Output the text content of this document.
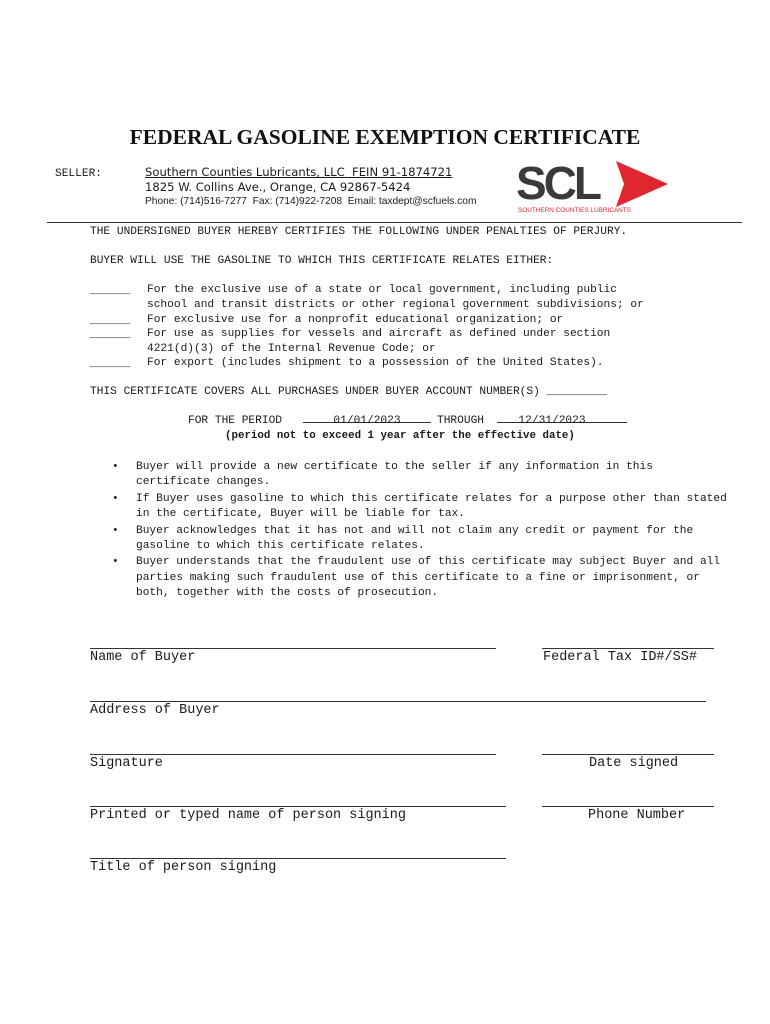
FEDERAL GASOLINE EXEMPTION CERTIFICATE
SELLER:	Southern Counties Lubricants, LLC  FEIN 91-1874721
1825 W. Collins Ave., Orange, CA 92867-5424
Phone: (714)516-7277  Fax: (714)922-7208  Email: taxdept@scfuels.com SCL
SOUTHERN COUNTIES LUBRICANTS
THE UNDERSIGNED BUYER HEREBY CERTIFIES THE FOLLOWING UNDER PENALTIES OF PERJURY.
BUYER WILL USE THE GASOLINE TO WHICH THIS CERTIFICATE RELATES EITHER:
______ For the exclusive use of a state or local government, including public
school and transit districts or other regional government subdivisions; or
______ For exclusive use for a nonprofit educational organization; or
______ For use as supplies for vessels and aircraft as defined under section
4221(d)(3) of the Internal Revenue Code; or
______ For export (includes shipment to a possession of the United States).
THIS CERTIFICATE COVERS ALL PURCHASES UNDER BUYER ACCOUNT NUMBER(S) _________
FOR THE PERIOD	01/01/2023	THROUGH	12/31/2023
(period not to exceed 1 year after the effective date)
• Buyer will provide a new certificate to the seller if any information in this certificate changes.
• If Buyer uses gasoline to which this certificate relates for a purpose other than stated in the certificate, Buyer will be liable for tax.
• Buyer acknowledges that it has not and will not claim any credit or payment for the gasoline to which this certificate relates.
• Buyer understands that the fraudulent use of this certificate may subject Buyer and all parties making such fraudulent use of this certificate to a fine or imprisonment, or both, together with the costs of prosecution.
Name of Buyer	Federal Tax ID#/SS#
Address of Buyer
Signature	Date signed
Printed or typed name of person signing	Phone Number
Title of person signing
